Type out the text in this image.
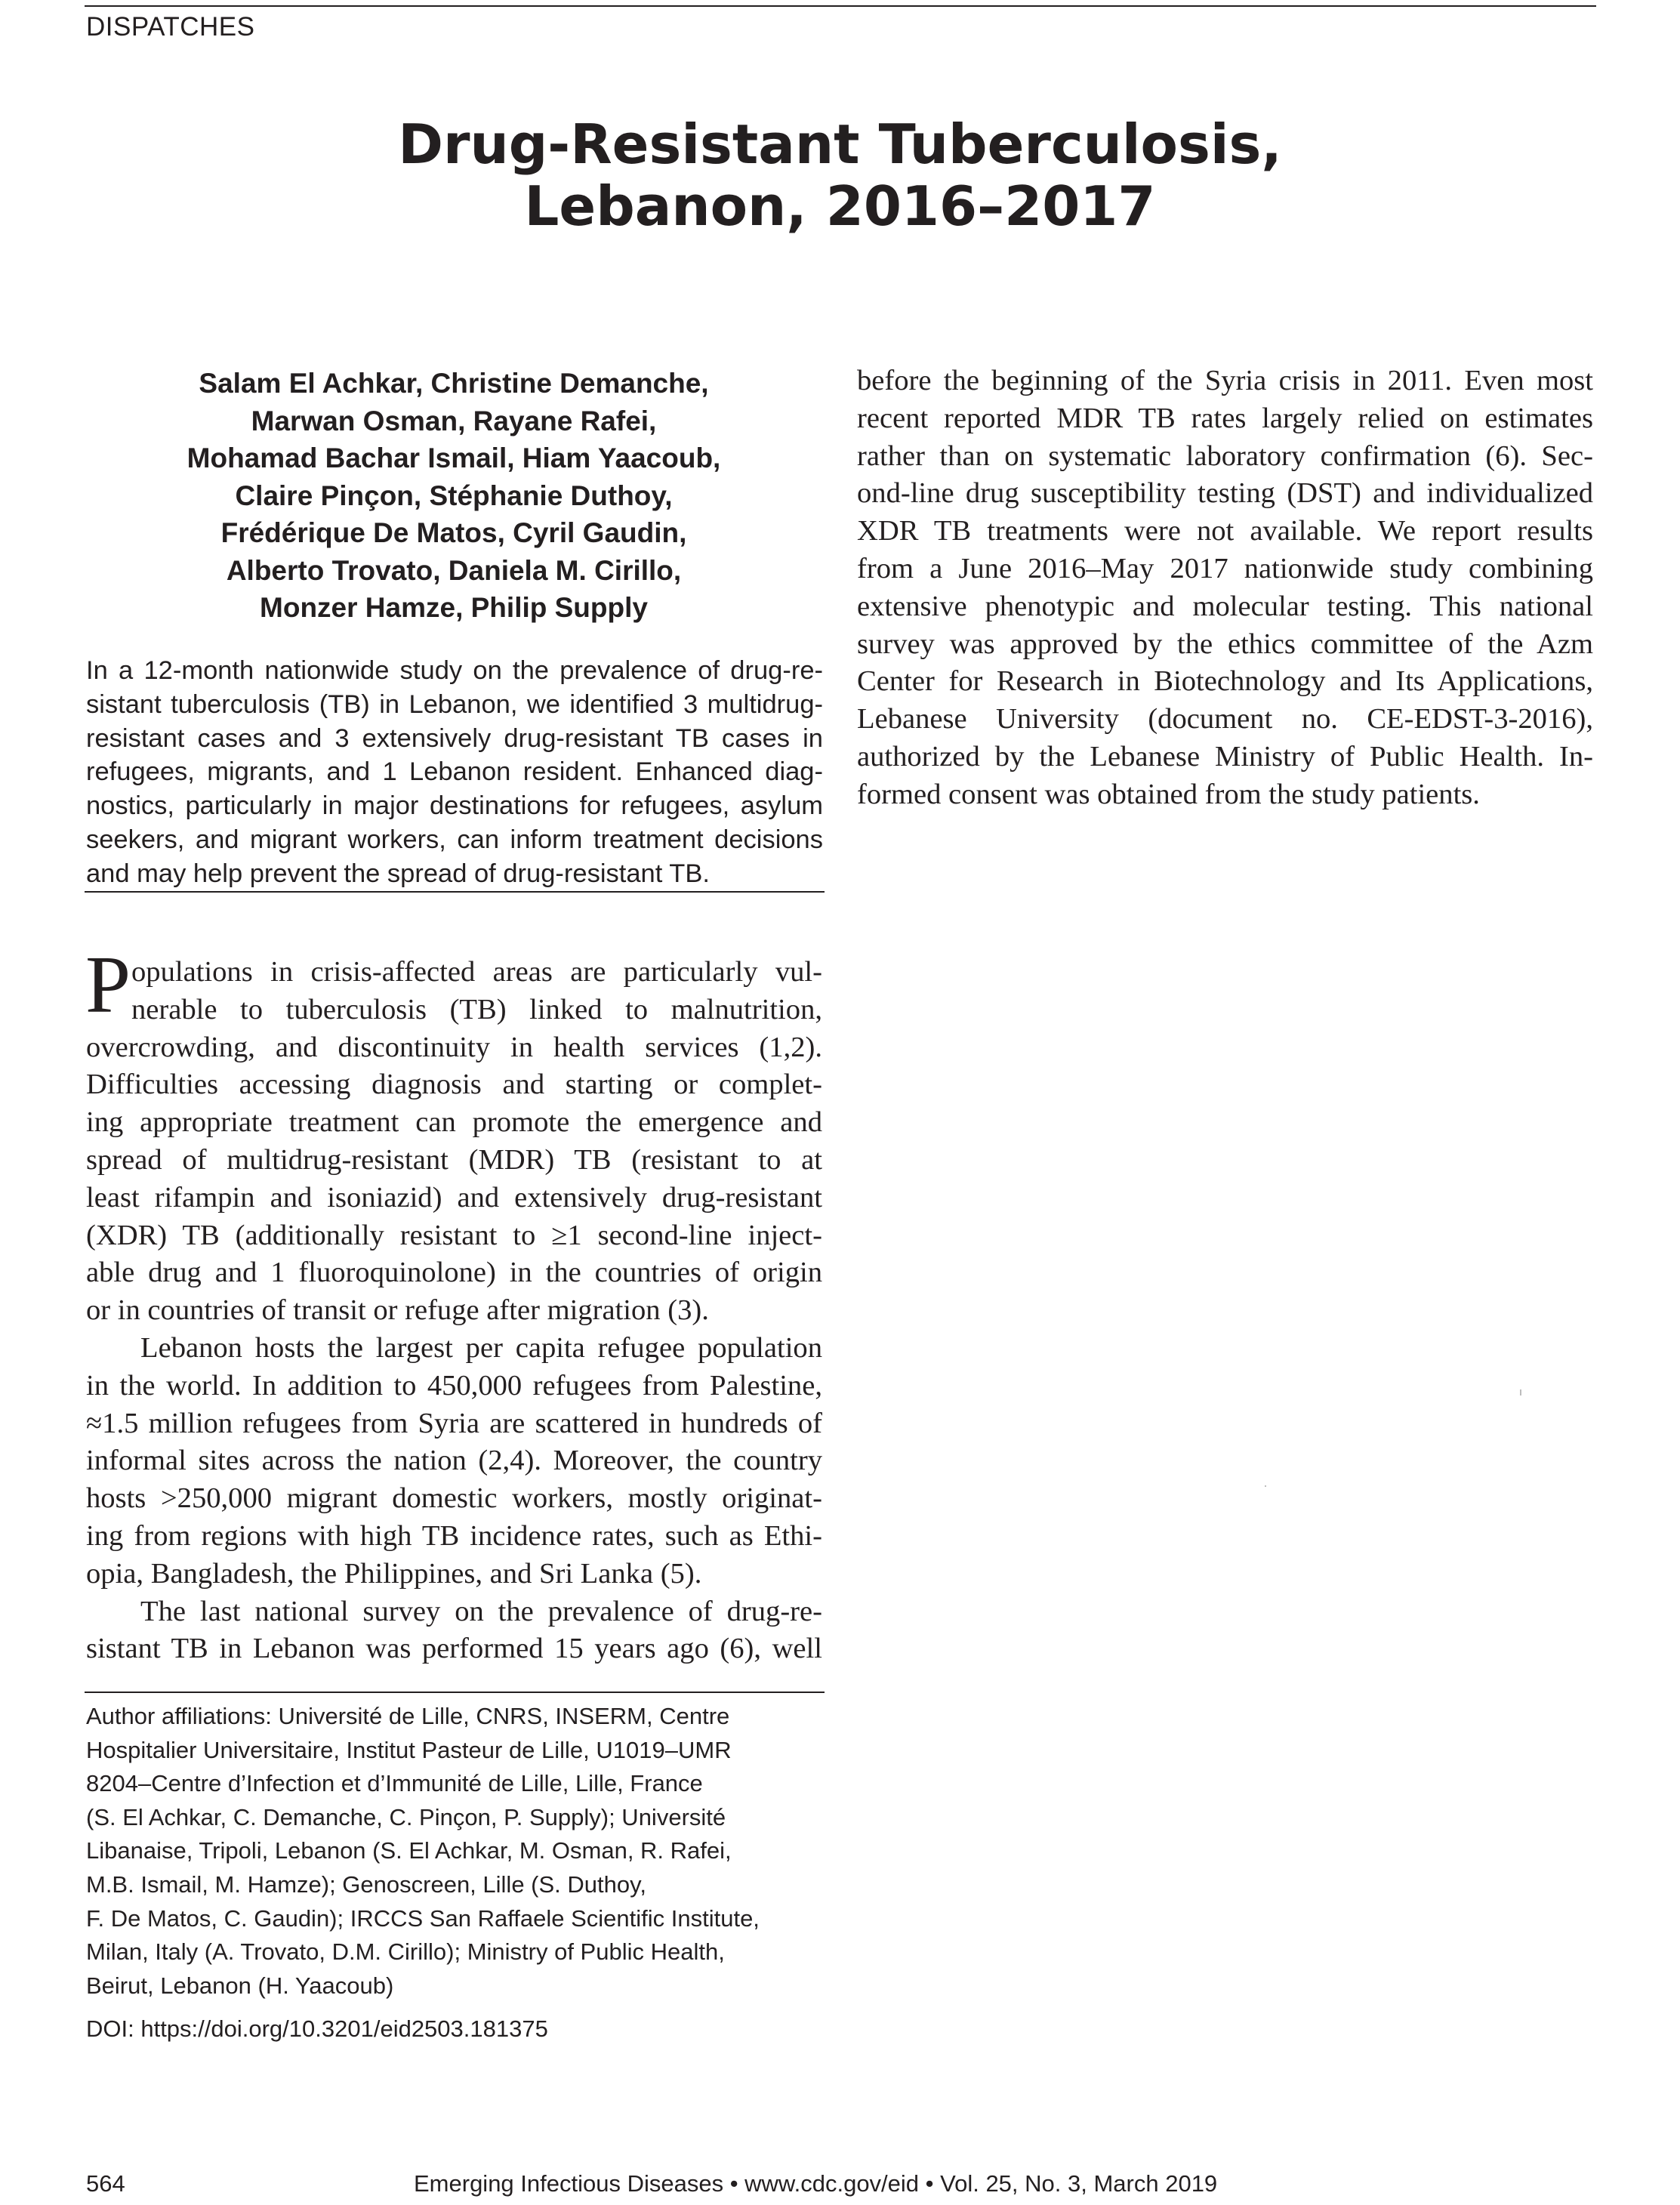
DISPATCHES
Drug-Resistant Tuberculosis,
Lebanon, 2016–2017
Salam El Achkar, Christine Demanche,
Marwan Osman, Rayane Rafei,
Mohamad Bachar Ismail, Hiam Yaacoub,
Claire Pinçon, Stéphanie Duthoy,
Frédérique De Matos, Cyril Gaudin,
Alberto Trovato, Daniela M. Cirillo,
Monzer Hamze, Philip Supply
In a 12-month nationwide study on the prevalence of drug-re-
sistant tuberculosis (TB) in Lebanon, we identified 3 multidrug-
resistant cases and 3 extensively drug-resistant TB cases in
refugees, migrants, and 1 Lebanon resident. Enhanced diag-
nostics, particularly in major destinations for refugees, asylum
seekers, and migrant workers, can inform treatment decisions
and may help prevent the spread of drug-resistant TB.
P opulations in crisis-affected areas are particularly vul-
nerable to tuberculosis (TB) linked to malnutrition,
overcrowding, and discontinuity in health services (1,2).
Difficulties accessing diagnosis and starting or complet-
ing appropriate treatment can promote the emergence and
spread of multidrug-resistant (MDR) TB (resistant to at
least rifampin and isoniazid) and extensively drug-resistant
(XDR) TB (additionally resistant to ≥1 second-line inject-
able drug and 1 fluoroquinolone) in the countries of origin
or in countries of transit or refuge after migration (3).
Lebanon hosts the largest per capita refugee population
in the world. In addition to 450,000 refugees from Palestine,
≈1.5 million refugees from Syria are scattered in hundreds of
informal sites across the nation (2,4). Moreover, the country
hosts >250,000 migrant domestic workers, mostly originat-
ing from regions with high TB incidence rates, such as Ethi-
opia, Bangladesh, the Philippines, and Sri Lanka (5).
The last national survey on the prevalence of drug-re-
sistant TB in Lebanon was performed 15 years ago (6), well
before the beginning of the Syria crisis in 2011. Even most
recent reported MDR TB rates largely relied on estimates
rather than on systematic laboratory confirmation (6). Sec-
ond-line drug susceptibility testing (DST) and individualized
XDR TB treatments were not available. We report results
from a June 2016–May 2017 nationwide study combining
extensive phenotypic and molecular testing. This national
survey was approved by the ethics committee of the Azm
Center for Research in Biotechnology and Its Applications,
Lebanese University (document no. CE-EDST-3-2016),
authorized by the Lebanese Ministry of Public Health. In-
formed consent was obtained from the study patients.
Author affiliations: Université de Lille, CNRS, INSERM, Centre
Hospitalier Universitaire, Institut Pasteur de Lille, U1019–UMR
8204–Centre d’Infection et d’Immunité de Lille, Lille, France
(S. El Achkar, C. Demanche, C. Pinçon, P. Supply); Université
Libanaise, Tripoli, Lebanon (S. El Achkar, M. Osman, R. Rafei,
M.B. Ismail, M. Hamze); Genoscreen, Lille (S. Duthoy,
F. De Matos, C. Gaudin); IRCCS San Raffaele Scientific Institute,
Milan, Italy (A. Trovato, D.M. Cirillo); Ministry of Public Health,
Beirut, Lebanon (H. Yaacoub)
DOI: https://doi.org/10.3201/eid2503.181375
564	Emerging Infectious Diseases • www.cdc.gov/eid • Vol. 25, No. 3, March 2019
